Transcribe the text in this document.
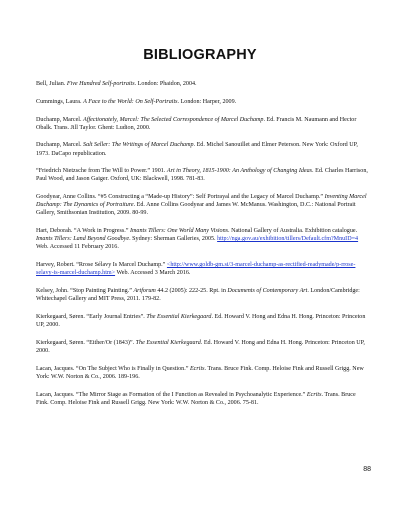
BIBLIOGRAPHY

Bell, Julian. Five Hundred Self-portraits. London: Phaidon, 2004.

Cummings, Laura. A Face to the World: On Self-Portraits. London: Harper, 2009.

Duchamp, Marcel. Affectionately, Marcel: The Selected Correspondence of Marcel Duchamp. Ed. Francis M. Naumann and Hector Obalk. Trans. Jill Taylor. Ghent: Ludion, 2000.

Duchamp, Marcel. Salt Seller: The Writings of Marcel Duchamp. Ed. Michel Sanouillet and Elmer Peterson. New York: Oxford UP, 1973. DaCapo republication.

“Friedrich Nietzsche from The Will to Power.” 1901. Art in Theory, 1815-1900: An Anthology of Changing Ideas. Ed. Charles Harrison, Paul Wood, and Jason Gaiger. Oxford, UK: Blackwell, 1998. 781-83.

Goodyear, Anne Collins. “#5 Constructing a “Made-up History”: Self Portrayal and the Legacy of Marcel Duchamp.” Inventing Marcel Duchamp: The Dynamics of Portraiture. Ed. Anne Collins Goodyear and James W. McManus. Washington, D.C.: National Portrait Gallery, Smithsonian Institution, 2009. 80-99.

Hart, Deborah. “A Work in Progress.” Imants Tillers: One World Many Visions. National Gallery of Australia. Exhibition catalogue. Imants Tillers: Land Beyond Goodbye. Sydney: Sherman Galleries, 2005. http://nga.gov.au/exhibition/tillers/Default.cfm?MnuID=4 Web. Accessed 11 February 2016.

Harvey, Robert. “Rrose Sélavy Is Marcel Duchamp.” <http://www.goldb-gm.si/3-marcel-duchamp-as-rectified-readymade/p-rrose-selavy-is-marcel-duchamp.htm> Web. Accessed 3 March 2016.

Kelsey, John. “Stop Painting Painting.” Artforum 44.2 (2005): 222-25. Rpt. in Documents of Contemporary Art. London/Cambridge: Whitechapel Gallery and MIT Press, 2011. 179-82.

Kierkegaard, Søren. “Early Journal Entries”. The Essential Kierkegaard. Ed. Howard V. Hong and Edna H. Hong. Princeton: Princeton UP, 2000.

Kierkegaard, Søren. “Either/Or (1843)”. The Essential Kierkegaard. Ed. Howard V. Hong and Edna H. Hong. Princeton: Princeton UP, 2000.

Lacan, Jacques. “On The Subject Who is Finally in Question.” Ecrits. Trans. Bruce Fink. Comp. Heloise Fink and Russell Grigg. New York: W.W. Norton & Co., 2006. 189-196.

Lacan, Jacques. “The Mirror Stage as Formation of the I Function as Revealed in Psychoanalytic Experience.” Ecrits. Trans. Bruce Fink. Comp. Heloise Fink and Russell Grigg. New York: W.W. Norton & Co., 2006. 75-81.

88
